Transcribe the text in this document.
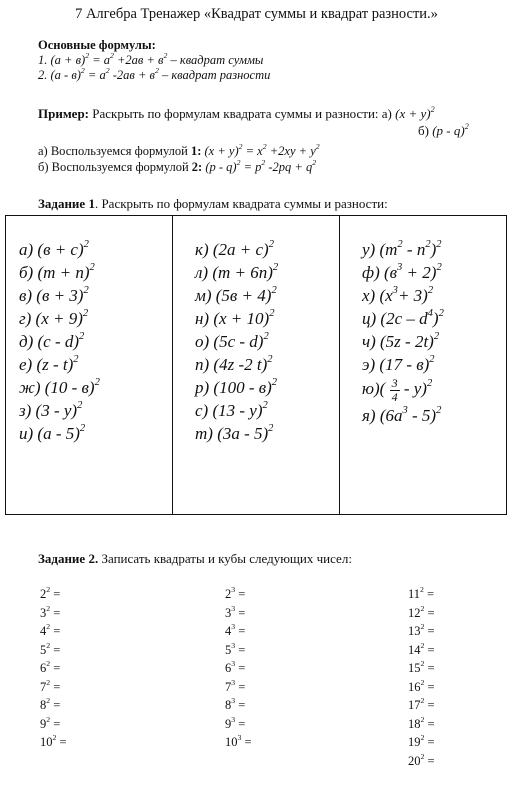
7 Алгебра Тренажер «Квадрат суммы и квадрат разности.»
Основные формулы:
1. $(а + в)^2 = a^2 +2ав + в^2$ – квадрат суммы
2. $(а - в)^2 = a^2$ $-2ав + в^2$ – квадрат разности
Пример: Раскрыть по формулам квадрата суммы и разности: а) $(x + y)^2$
б) (p - q)$^2$
а) Воспользуемся формулой 1: $(x + y)^2 = x^2 +2xy + y^2$
б) Воспользуемся формулой 2: $(p - q)^2 = p^2$ $-2pq + q^2$
Задание 1. Раскрыть по формулам квадрата суммы и разности:
а) $(в + с)^2$
б) $(m + n)^2$
в) $(в + 3)^2$
г) $(x + 9)^2$
д) (c - d)$^2$
е) (z - t)$^2$
ж) (10 - в)$^2$
з) (3 - y)$^2$
и) (a - 5)$^2$
к) $(2a + c)^2$
л) $(m + 6n)^2$
м) $(5в + 4)^2$
н) $(x + 10)^2$
о) (5c - d)$^2$
п) (4z -2 t)$^2$
р) (100 - в)$^2$
с) (13 - y)$^2$
т) (3a - 5)$^2$
у) $(m^2 - n^2)^2$
ф) $(в^3 + 2)^2$
х) $(x^3+ 3)^2$
ц) $(2c - d^4)^2$
ч) (5z - 2t)$^2$
э) (17 - в)$^2$
$ю)( \frac{3}{4} - y)^2$
я) $(6a^3 - 5)^2$
Задание 2. Записать квадраты и кубы следующих чисел:
$2^2$ =
$3^2$ =
$4^2$ =
$5^2$ =
$6^2$ =
$7^2$ =
$8^2$ =
$9^2$ =
$10^2$ =
$2^3$ =
$3^3$ =
$4^3$ =
$5^3$ =
$6^3$ =
$7^3$ =
$8^3$ =
$9^3$ =
$10^3$ =
$11^2$ =
$12^2$ =
$13^2$ =
$14^2$ =
$15^2$ =
$16^2$ =
$17^2$ =
$18^2$ =
$19^2$ =
$20^2$ =
